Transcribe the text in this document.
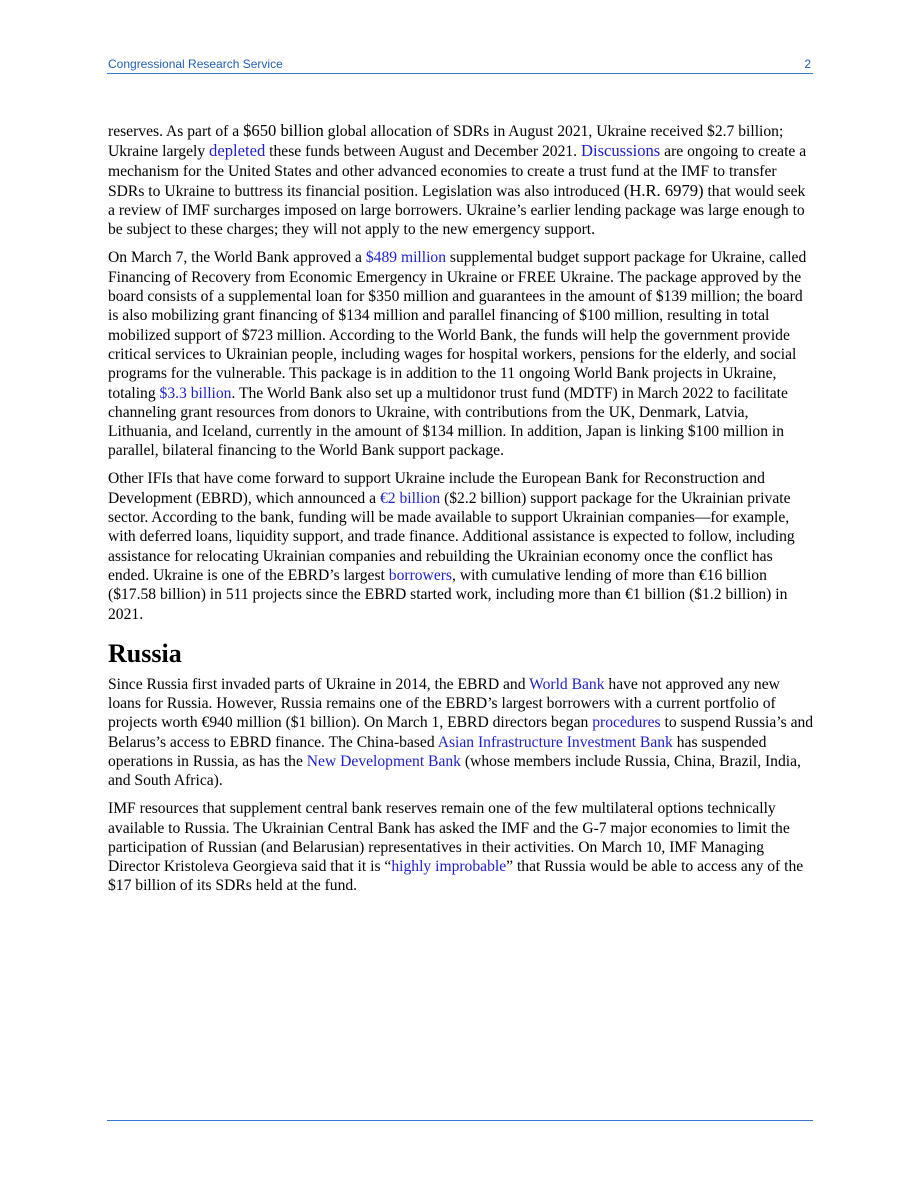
Congressional Research Service	2

reserves. As part of a $650 billion global allocation of SDRs in August 2021, Ukraine received $2.7 billion; Ukraine largely depleted these funds between August and December 2021. Discussions are ongoing to create a mechanism for the United States and other advanced economies to create a trust fund at the IMF to transfer SDRs to Ukraine to buttress its financial position. Legislation was also introduced (H.R. 6979) that would seek a review of IMF surcharges imposed on large borrowers. Ukraine’s earlier lending package was large enough to be subject to these charges; they will not apply to the new emergency support.

On March 7, the World Bank approved a $489 million supplemental budget support package for Ukraine, called Financing of Recovery from Economic Emergency in Ukraine or FREE Ukraine. The package approved by the board consists of a supplemental loan for $350 million and guarantees in the amount of $139 million; the board is also mobilizing grant financing of $134 million and parallel financing of $100 million, resulting in total mobilized support of $723 million. According to the World Bank, the funds will help the government provide critical services to Ukrainian people, including wages for hospital workers, pensions for the elderly, and social programs for the vulnerable. This package is in addition to the 11 ongoing World Bank projects in Ukraine, totaling $3.3 billion. The World Bank also set up a multidonor trust fund (MDTF) in March 2022 to facilitate channeling grant resources from donors to Ukraine, with contributions from the UK, Denmark, Latvia, Lithuania, and Iceland, currently in the amount of $134 million. In addition, Japan is linking $100 million in parallel, bilateral financing to the World Bank support package.

Other IFIs that have come forward to support Ukraine include the European Bank for Reconstruction and Development (EBRD), which announced a €2 billion ($2.2 billion) support package for the Ukrainian private sector. According to the bank, funding will be made available to support Ukrainian companies—for example, with deferred loans, liquidity support, and trade finance. Additional assistance is expected to follow, including assistance for relocating Ukrainian companies and rebuilding the Ukrainian economy once the conflict has ended. Ukraine is one of the EBRD’s largest borrowers, with cumulative lending of more than €16 billion ($17.58 billion) in 511 projects since the EBRD started work, including more than €1 billion ($1.2 billion) in 2021.

Russia

Since Russia first invaded parts of Ukraine in 2014, the EBRD and World Bank have not approved any new loans for Russia. However, Russia remains one of the EBRD’s largest borrowers with a current portfolio of projects worth €940 million ($1 billion). On March 1, EBRD directors began procedures to suspend Russia’s and Belarus’s access to EBRD finance. The China-based Asian Infrastructure Investment Bank has suspended operations in Russia, as has the New Development Bank (whose members include Russia, China, Brazil, India, and South Africa).

IMF resources that supplement central bank reserves remain one of the few multilateral options technically available to Russia. The Ukrainian Central Bank has asked the IMF and the G-7 major economies to limit the participation of Russian (and Belarusian) representatives in their activities. On March 10, IMF Managing Director Kristoleva Georgieva said that it is “highly improbable” that Russia would be able to access any of the $17 billion of its SDRs held at the fund.
